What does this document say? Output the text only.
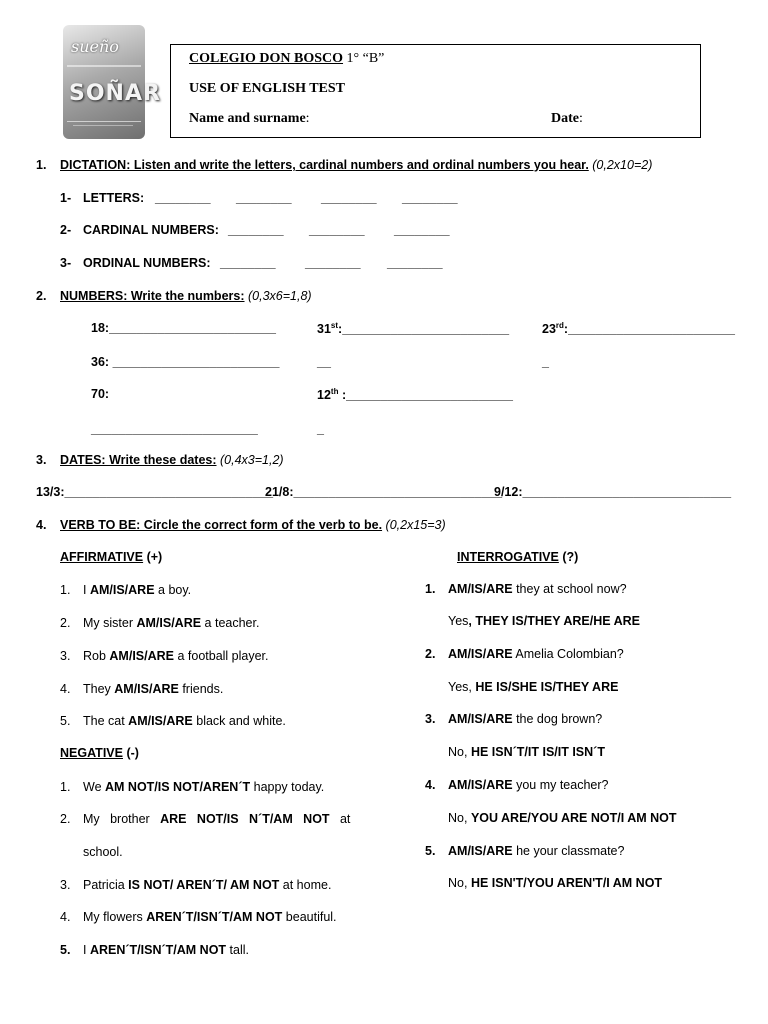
sueño
SOÑAR
COLEGIO DON BOSCO 1° “B”
USE OF ENGLISH TEST
Name and surname:	Date:
1. DICTATION: Listen and write the letters, cardinal numbers and ordinal numbers you hear. (0,2x10=2)
1- LETTERS: ________ ________ ________ ________
2- CARDINAL NUMBERS: ________ ________ ________
3- ORDINAL NUMBERS: ________ ________ ________
2. NUMBERS: Write the numbers: (0,3x6=1,8)
18:________________________	31st:________________________	23rd:________________________
36: ________________________	__	_
70:	12th :________________________
________________________	_
3. DATES: Write these dates: (0,4x3=1,2)
13/3:______________________________
21/8:______________________________
9/12:______________________________
4. VERB TO BE: Circle the correct form of the verb to be. (0,2x15=3)
AFFIRMATIVE (+)	INTERROGATIVE (?)
1. I AM/IS/ARE a boy.
2. My sister AM/IS/ARE a teacher.
3. Rob AM/IS/ARE a football player.
4. They AM/IS/ARE friends.
5. The cat AM/IS/ARE black and white.
NEGATIVE (-)
1. We AM NOT/IS NOT/AREN´T happy today.
2. My   brother   ARE   NOT/IS   N´T/AM   NOT   at
school.
3. Patricia IS NOT/ AREN´T/ AM NOT at home.
4. My flowers AREN´T/ISN´T/AM NOT beautiful.
5. I AREN´T/ISN´T/AM NOT tall.
1. AM/IS/ARE they at school now?
Yes, THEY IS/THEY ARE/HE ARE
2. AM/IS/ARE Amelia Colombian?
Yes, HE IS/SHE IS/THEY ARE
3. AM/IS/ARE the dog brown?
No, HE ISN´T/IT IS/IT ISN´T
4. AM/IS/ARE you my teacher?
No, YOU ARE/YOU ARE NOT/I AM NOT
5. AM/IS/ARE he your classmate?
No, HE ISN'T/YOU AREN'T/I AM NOT
